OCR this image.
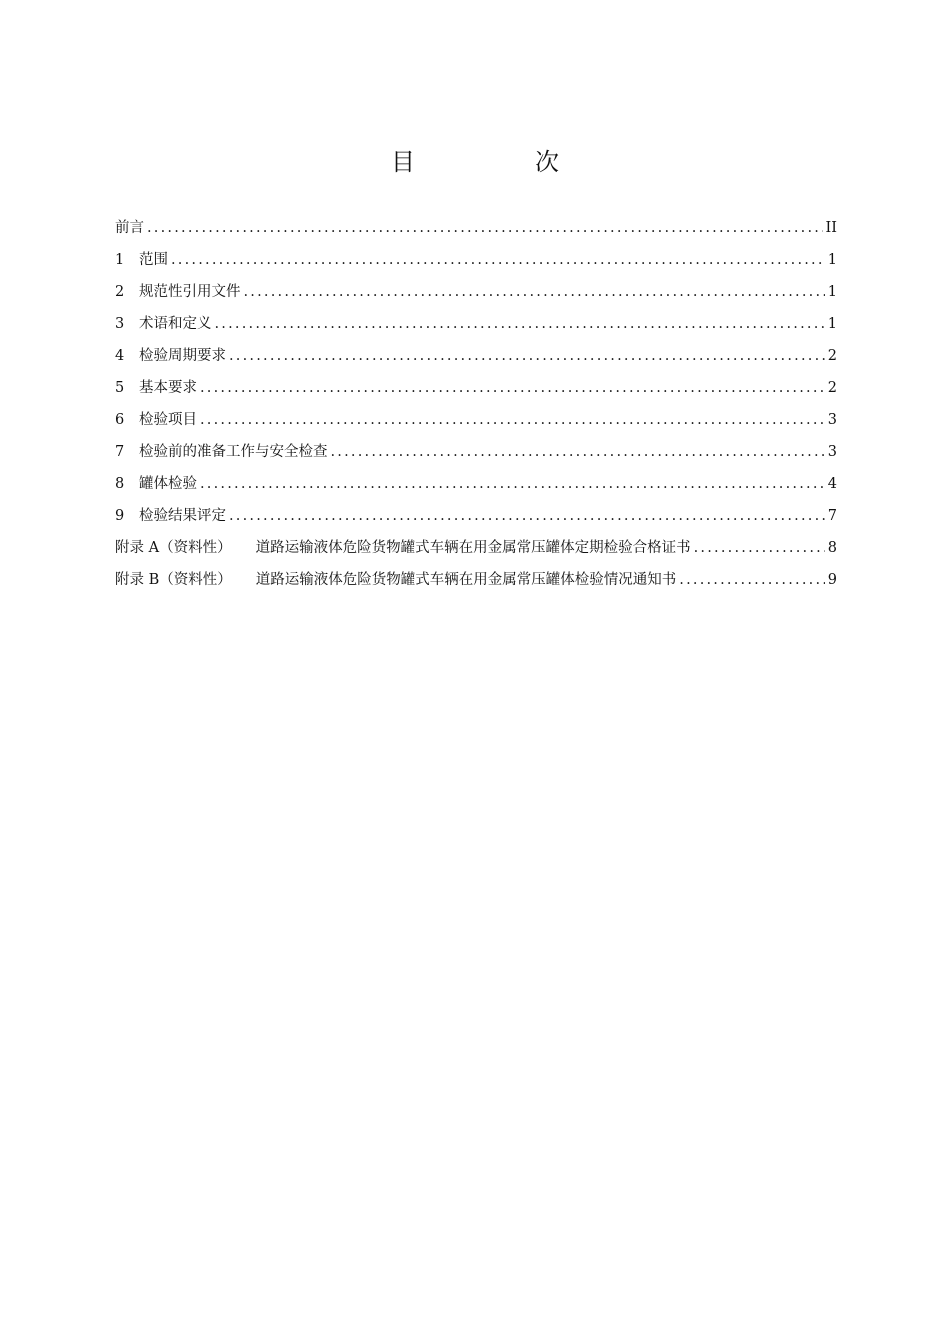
目　次
前言 .....	II
1	范围 .....	1
2	规范性引用文件 .....	1
3	术语和定义 .....	1
4	检验周期要求 .....	2
5	基本要求 .....	2
6	检验项目 .....	3
7	检验前的准备工作与安全检查 .....	3
8	罐体检验 .....	4
9	检验结果评定 .....	7
附录 A（资料性） 道路运输液体危险货物罐式车辆在用金属常压罐体定期检验合格证书 .....	8
附录 B（资料性） 道路运输液体危险货物罐式车辆在用金属常压罐体检验情况通知书 .....	9
